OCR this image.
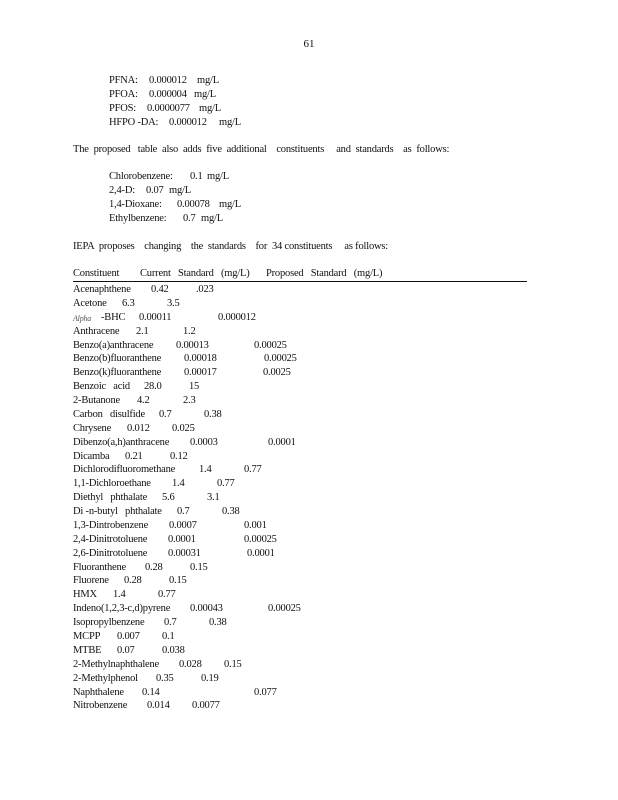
61
PFNA: 0.000012 mg/L
PFOA: 0.000004 mg/L
PFOS: 0.0000077 mg/L
HFPO -DA: 0.000012 mg/L
The  proposed   table  also  adds  five  additional    constituents     and  standards    as  follows:
Chlorobenzene: 0.1 mg/L
2,4-D: 0.07 mg/L
1,4-Dioxane: 0.00078 mg/L
Ethylbenzene: 0.7 mg/L
IEPA  proposes    changing    the  standards    for  34 constituents     as follows:
Constituent Current   Standard   (mg/L) Proposed   Standard   (mg/L)
Acenaphthene 0.42	.023
Acetone 6.3	3.5
Alpha -BHC 0.00011	0.000012
Anthracene 2.1	1.2
Benzo(a)anthracene 0.00013	0.00025
Benzo(b)fluoranthene 0.00018	0.00025
Benzo(k)fluoranthene 0.00017	0.0025
Benzoic   acid 28.0	15
2-Butanone 4.2	2.3
Carbon   disulfide 0.7	0.38
Chrysene 0.012 0.025
Dibenzo(a,h)anthracene 0.0003	0.0001
Dicamba 0.21	0.12
Dichlorodifluoromethane 1.4	0.77
1,1-Dichloroethane 1.4	0.77
Diethyl   phthalate 5.6	3.1
Di -n-butyl   phthalate 0.7	0.38
1,3-Dintrobenzene 0.0007	0.001
2,4-Dinitrotoluene 0.0001	0.00025
2,6-Dinitrotoluene 0.00031	0.0001
Fluoranthene 0.28	0.15
Fluorene 0.28	0.15
HMX 1.4	0.77
Indeno(1,2,3-c,d)pyrene 0.00043	0.00025
Isopropylbenzene 0.7	0.38
MCPP 0.007 0.1
MTBE 0.07	0.038
2-Methylnaphthalene 0.028 0.15
2-Methylphenol 0.35	0.19
Naphthalene 0.14	0.077
Nitrobenzene 0.014 0.0077
